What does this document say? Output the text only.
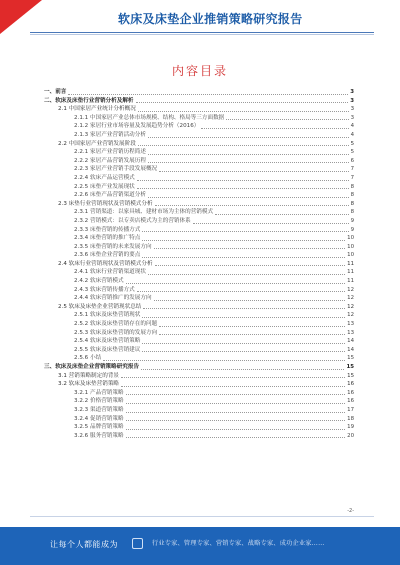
软床及床垫企业推销策略研究报告
内容目录
一、前言	3
二、软床及床垫行业营销分析及解析	3
2.1 中国家居产业统计分析概况	3
2.1.1 中国家居产业总体市场规模、结构、格局等三方面数据	3
2.1.2 家居行业市场容量及发展趋势分析（2016）	4
2.1.3 家居产业营销活动分析	4
2.2 中国家居产业营销发展阶段	5
2.2.1 家居产业营销历程简述	5
2.2.2 家居产品营销发展历程	6
2.2.3 家居产业营销手段发展概况	7
2.2.4 软床产品运营模式	7
2.2.5 床垫产业发展现状	8
2.2.6 床垫产品营销渠道分析	8
2.3 床垫行业营销现状及营销模式分析	8
2.3.1 营销渠道：以家具城、建材市场为主体的营销模式	8
2.3.2 营销模式：以专卖店模式为主的营销体系	9
2.3.3 床垫营销的传播方式	9
2.3.4 床垫营销的推广特点	10
2.3.5 床垫营销的未来发展方向	10
2.3.6 床垫企业营销的要点	10
2.4 软床行业营销现状及营销模式分析	11
2.4.1 软床行业营销渠道现状	11
2.4.2 软床营销模式	11
2.4.3 软床营销传播方式	12
2.4.4 软床营销推广的发展方向	12
2.5 软床及床垫企业营销现状总结	12
2.5.1 软床及床垫营销现状	12
2.5.2 软床及床垫营销存在的问题	13
2.5.3 软床及床垫营销的发展方向	13
2.5.4 软床及床垫营销策略	14
2.5.5 软床及床垫营销建议	14
2.5.6 小结	15
三、软床及床垫企业营销策略研究报告	15
3.1 营销策略制定的背景	15
3.2 软床及床垫营销策略	16
3.2.1 产品营销策略	16
3.2.2 价格营销策略	16
3.2.3 渠道营销策略	17
3.2.4 促销营销策略	18
3.2.5 品牌营销策略	19
3.2.6 服务营销策略	20
-2-
让每个人都能成为	行业专家、管理专家、营销专家、战略专家、成功企业家……
